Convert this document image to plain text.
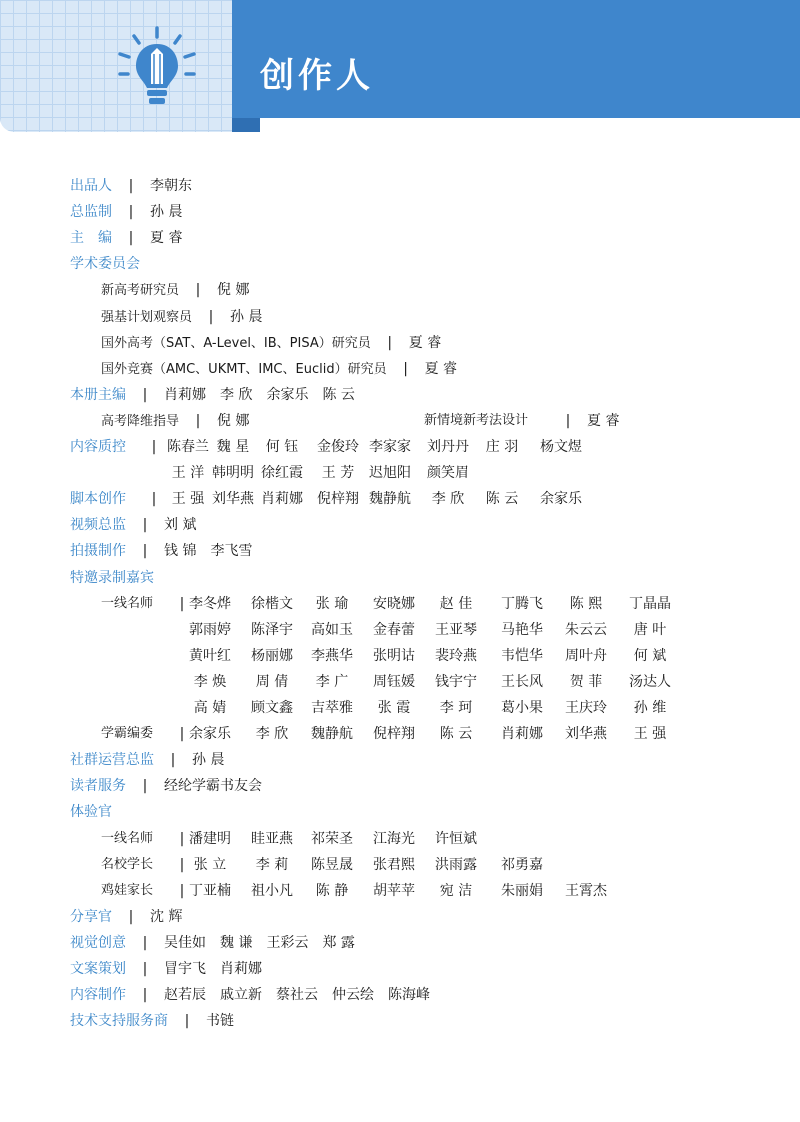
创作人
出品人 | 李朝东
总监制 | 孙 晨
主　编 | 夏 睿
学术委员会
新高考研究员 | 倪 娜
强基计划观察员 | 孙 晨
国外高考（SAT、A-Level、IB、PISA）研究员 | 夏 睿
国外竞赛（AMC、UKMT、IMC、Euclid）研究员 | 夏 睿
本册主编 | 肖莉娜　李 欣　余家乐　陈 云
高考降维指导 | 倪 娜	新情境新考法设计	|	夏 睿
内容质控	| 陈春兰 魏 星	何 钰	金俊玲 李家家	刘丹丹	庄 羽	杨文煜
王 洋 韩明明 徐红霞	王 芳	迟旭阳	颜笑眉
脚本创作	|	王 强 刘华燕 肖莉娜	倪梓翔 魏静航	李 欣	陈 云	余家乐
视频总监 | 刘 斌
拍摄制作 | 钱 锦　李飞雪
特邀录制嘉宾
一线名师	| 李冬烨	徐楷文	张 瑜	安晓娜	赵 佳	丁腾飞	陈 熙	丁晶晶
郭雨婷	陈泽宇	高如玉	金春蕾	王亚琴	马艳华	朱云云	唐 叶
黄叶红	杨丽娜	李燕华	张明诂	裴玲燕	韦恺华	周叶舟	何 斌
李 焕	周 倩	李 广	周钰媛	钱宇宁	王长风	贺 菲	汤达人
高 婧	顾文鑫	吉萃雅	张 霞	李 珂	葛小果	王庆玲	孙 维
学霸编委	| 余家乐	李 欣	魏静航	倪梓翔	陈 云	肖莉娜	刘华燕	王 强
社群运营总监 | 孙 晨
读者服务 | 经纶学霸书友会
体验官
一线名师	| 潘建明	眭亚燕	祁荣圣	江海光	许恒斌
名校学长	| 张 立	李 莉	陈昱晟	张君熙	洪雨露	祁勇嘉
鸡娃家长	| 丁亚楠	祖小凡	陈 静	胡苹苹	宛 洁	朱丽娟	王霄杰
分享官 | 沈 辉
视觉创意 | 吴佳如　魏 谦　王彩云　郑 露
文案策划 | 冒宇飞　肖莉娜
内容制作 | 赵若辰　戚立新　蔡社云　仲云绘　陈海峰
技术支持服务商 | 书链
